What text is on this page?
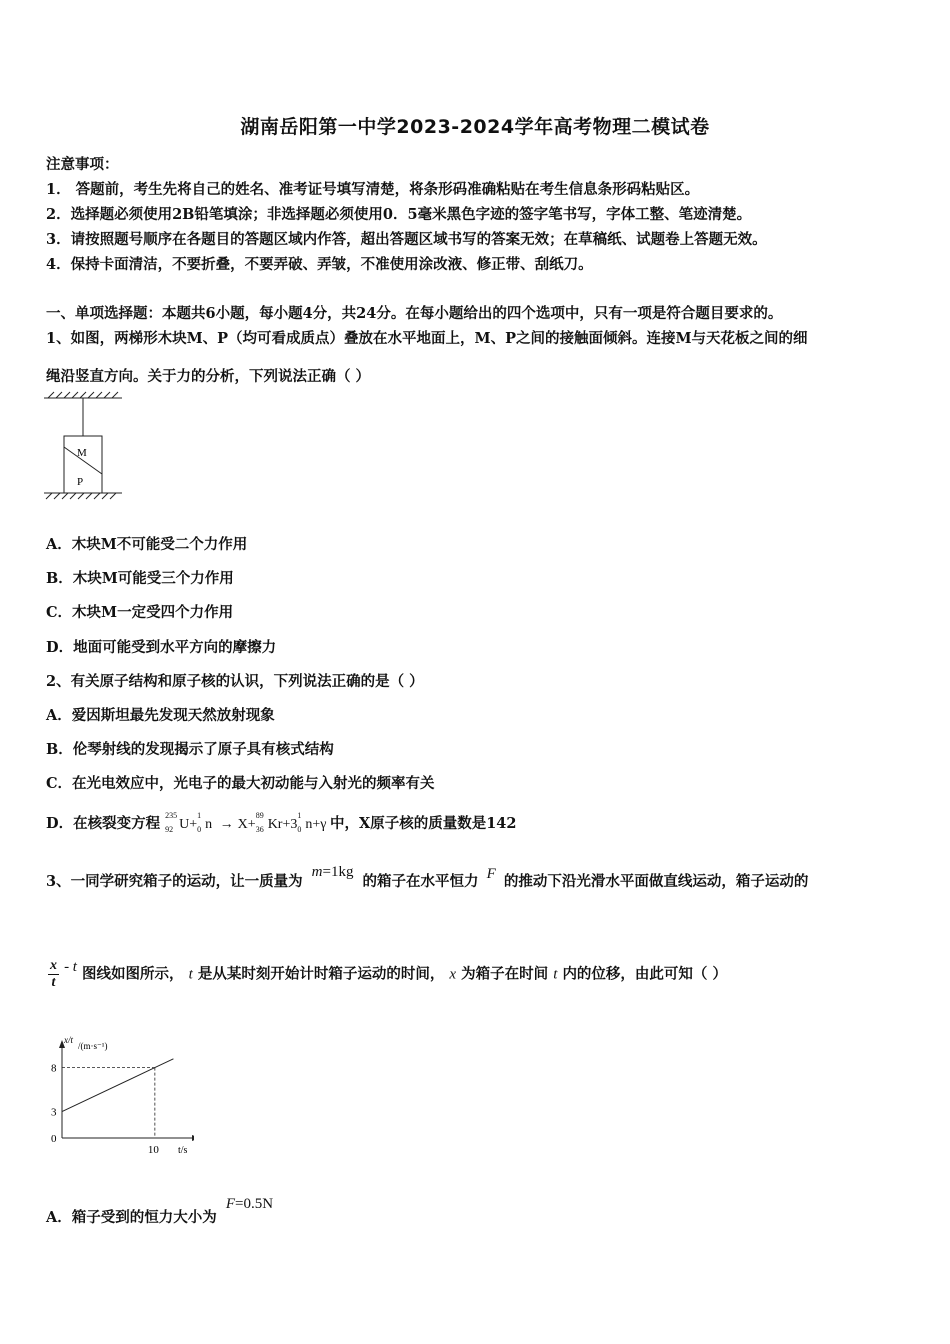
湖南岳阳第一中学2023-2024学年高考物理二模试卷
注意事项：
1． 答题前，考生先将自己的姓名、准考证号填写清楚，将条形码准确粘贴在考生信息条形码粘贴区。
2．选择题必须使用2B铅笔填涂；非选择题必须使用0．5毫米黑色字迹的签字笔书写，字体工整、笔迹清楚。
3．请按照题号顺序在各题目的答题区域内作答，超出答题区域书写的答案无效；在草稿纸、试题卷上答题无效。
4．保持卡面清洁，不要折叠，不要弄破、弄皱，不准使用涂改液、修正带、刮纸刀。
一、单项选择题：本题共6小题，每小题4分，共24分。在每小题给出的四个选项中，只有一项是符合题目要求的。
1、如图，两梯形木块M、P（均可看成质点）叠放在水平地面上，M、P之间的接触面倾斜。连接M与天花板之间的细
绳沿竖直方向。关于力的分析，下列说法正确（ ）
M
P
A．木块M不可能受二个力作用
B．木块M可能受三个力作用
C．木块M一定受四个力作用
D．地面可能受到水平方向的摩擦力
2、有关原子结构和原子核的认识，下列说法正确的是（ ）
A．爱因斯坦最先发现天然放射现象
B．伦琴射线的发现揭示了原子具有核式结构
C．在光电效应中，光电子的最大初动能与入射光的频率有关
D．在核裂变方程 235
92 U+
1
0 n → X+
89
36 Kr+3
1
0 n+γ 中，X原子核的质量数是142
3、一同学研究箱子的运动，让一质量为 m=1kg 的箱子在水平恒力 F 的推动下沿光滑水平面做直线运动，箱子运动的
$\frac{x}{t}$ - t 图线如图所示， t 是从某时刻开始计时箱子运动的时间， x 为箱子在时间 t 内的位移，由此可知（ ）
x/t
/(m·s⁻¹)
t/s
8
3
0
10
A．箱子受到的恒力大小为 F=0.5N
